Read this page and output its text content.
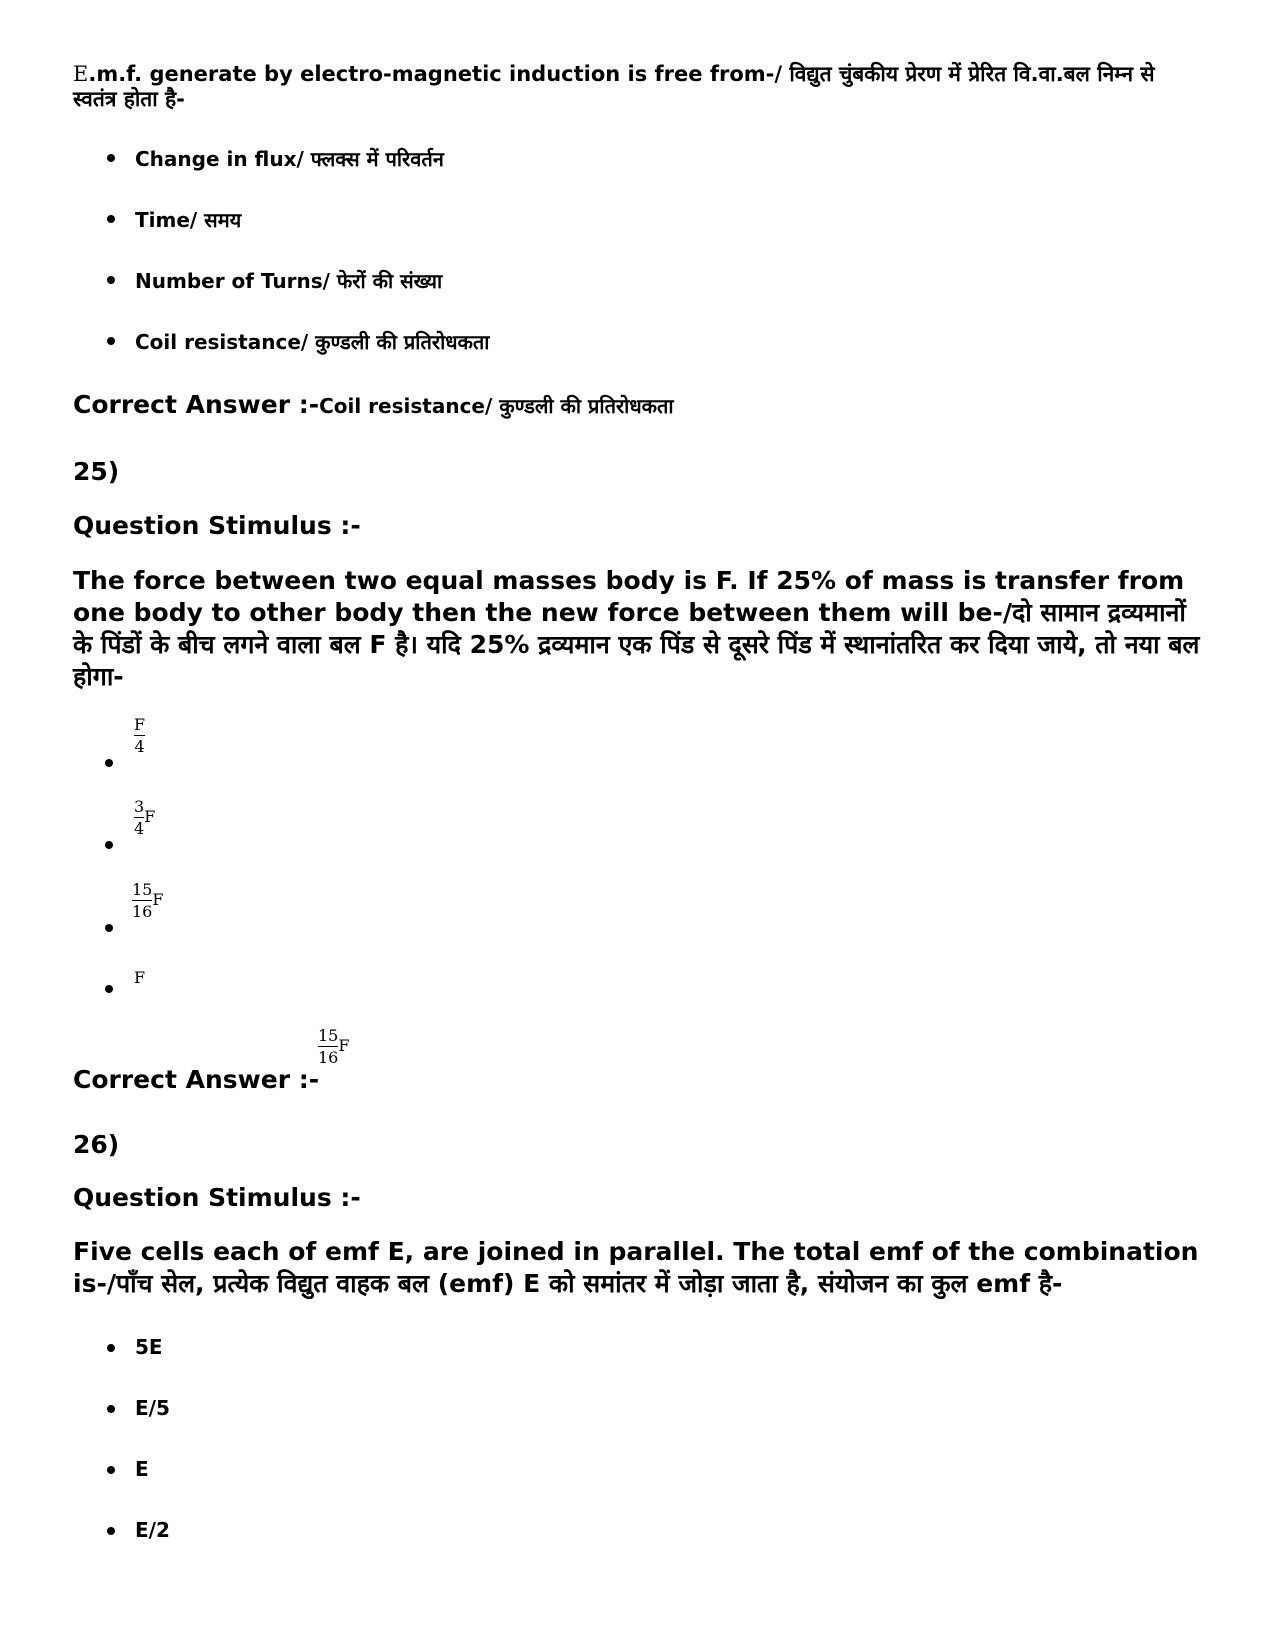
E.m.f. generate by electro-magnetic induction is free from-/ विद्युत चुंबकीय प्रेरण में प्रेरित वि.वा.बल निम्न से स्वतंत्र होता है-
Change in flux/ फ्लक्स में परिवर्तन
Time/ समय
Number of Turns/ फेरों की संख्या
Coil resistance/ कुण्डली की प्रतिरोधकता
Correct Answer :-Coil resistance/ कुण्डली की प्रतिरोधकता
25)
Question Stimulus :-
The force between two equal masses body is F. If 25% of mass is transfer from one body to other body then the new force between them will be-/दो सामान द्रव्यमानों के पिंडों के बीच लगने वाला बल F है। यदि 25% द्रव्यमान एक पिंड से दूसरे पिंड में स्थानांतरित कर दिया जाये, तो नया बल होगा-
$\frac{F}{4}$
$\frac{3}{4}$ F
$\frac{15}{16}$ F
F
Correct Answer :-
$\frac{15}{16}$ F
26)
Question Stimulus :-
Five cells each of emf E, are joined in parallel. The total emf of the combination is-/पाँच सेल, प्रत्येक विद्युत वाहक बल (emf) E को समांतर में जोड़ा जाता है, संयोजन का कुल emf है-
5E
E/5
E
E/2
